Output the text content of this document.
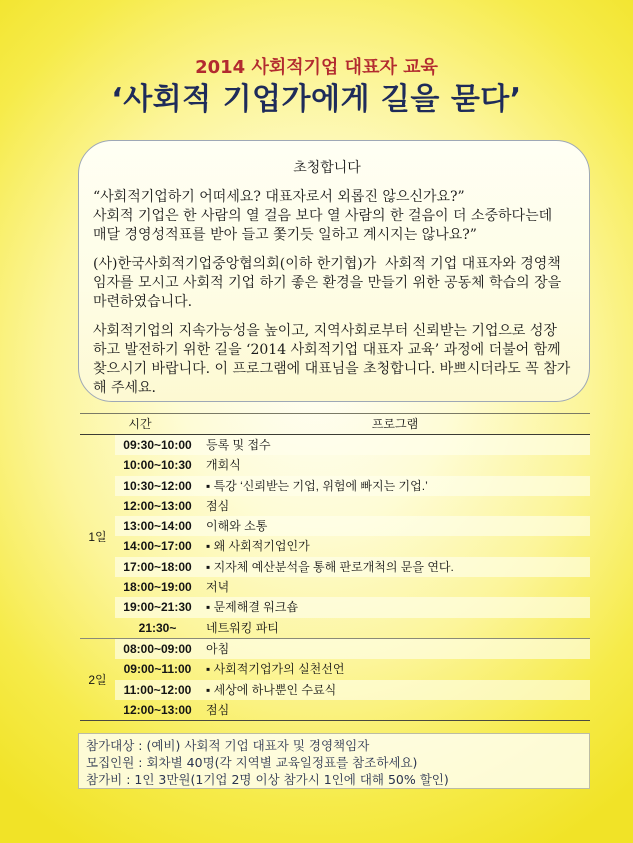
2014 사회적기업 대표자 교육
‘사회적 기업가에게 길을 묻다’
초청합니다
“사회적기업하기 어떠세요? 대표자로서 외롭진 않으신가요?”
사회적 기업은 한 사람의 열 걸음 보다 열 사람의 한 걸음이 더 소중하다는데
매달 경영성적표를 받아 들고 쫓기듯 일하고 계시지는 않나요?”
(사)한국사회적기업중앙협의회(이하 한기협)가  사회적 기업 대표자와 경영책
임자를 모시고 사회적 기업 하기 좋은 환경을 만들기 위한 공동체 학습의 장을
마련하였습니다.
사회적기업의 지속가능성을 높이고, 지역사회로부터 신뢰받는 기업으로 성장
하고 발전하기 위한 길을 ‘2014 사회적기업 대표자 교육’ 과정에 더불어 함께
찾으시기 바랍니다. 이 프로그램에 대표님을 초청합니다. 바쁘시더라도 꼭 참가
해 주세요.
시간	프로그램
1일
09:30~10:00	등록 및 접수
10:00~10:30	개회식
10:30~12:00	▪ 특강 ‘신뢰받는 기업, 위험에 빠지는 기업.’
12:00~13:00	점심
13:00~14:00	이해와 소통
14:00~17:00	▪ 왜 사회적기업인가
17:00~18:00	▪ 지자체 예산분석을 통해 판로개척의 문을 연다.
18:00~19:00	저녁
19:00~21:30	▪ 문제해결 워크숍
21:30~	네트워킹 파티
2일
08:00~09:00	아침
09:00~11:00	▪ 사회적기업가의 실천선언
11:00~12:00	▪ 세상에 하나뿐인 수료식
12:00~13:00	점심
참가대상 : (예비) 사회적 기업 대표자 및 경영책임자
모집인원 : 회차별 40명(각 지역별 교육일정표를 참조하세요)
참가비 : 1인 3만원(1기업 2명 이상 참가시 1인에 대해 50% 할인)
